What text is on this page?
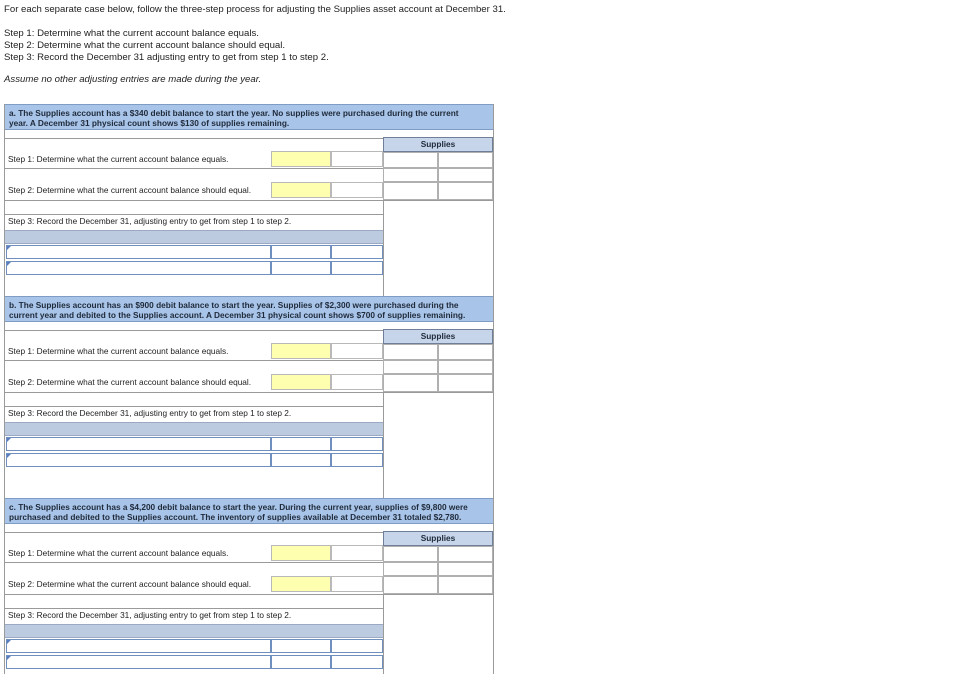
For each separate case below, follow the three-step process for adjusting the Supplies asset account at December 31.
Step 1: Determine what the current account balance equals.
Step 2: Determine what the current account balance should equal.
Step 3: Record the December 31 adjusting entry to get from step 1 to step 2.
Assume no other adjusting entries are made during the year.
a. The Supplies account has a $340 debit balance to start the year. No supplies were purchased during the current
year. A December 31 physical count shows $130 of supplies remaining.
Supplies
Step 1: Determine what the current account balance equals.
Step 2: Determine what the current account balance should equal.
Step 3: Record the December 31, adjusting entry to get from step 1 to step 2.
b. The Supplies account has an $900 debit balance to start the year. Supplies of $2,300 were purchased during the
current year and debited to the Supplies account. A December 31 physical count shows $700 of supplies remaining.
Supplies
Step 1: Determine what the current account balance equals.
Step 2: Determine what the current account balance should equal.
Step 3: Record the December 31, adjusting entry to get from step 1 to step 2.
c. The Supplies account has a $4,200 debit balance to start the year. During the current year, supplies of $9,800 were
purchased and debited to the Supplies account. The inventory of supplies available at December 31 totaled $2,780.
Supplies
Step 1: Determine what the current account balance equals.
Step 2: Determine what the current account balance should equal.
Step 3: Record the December 31, adjusting entry to get from step 1 to step 2.
